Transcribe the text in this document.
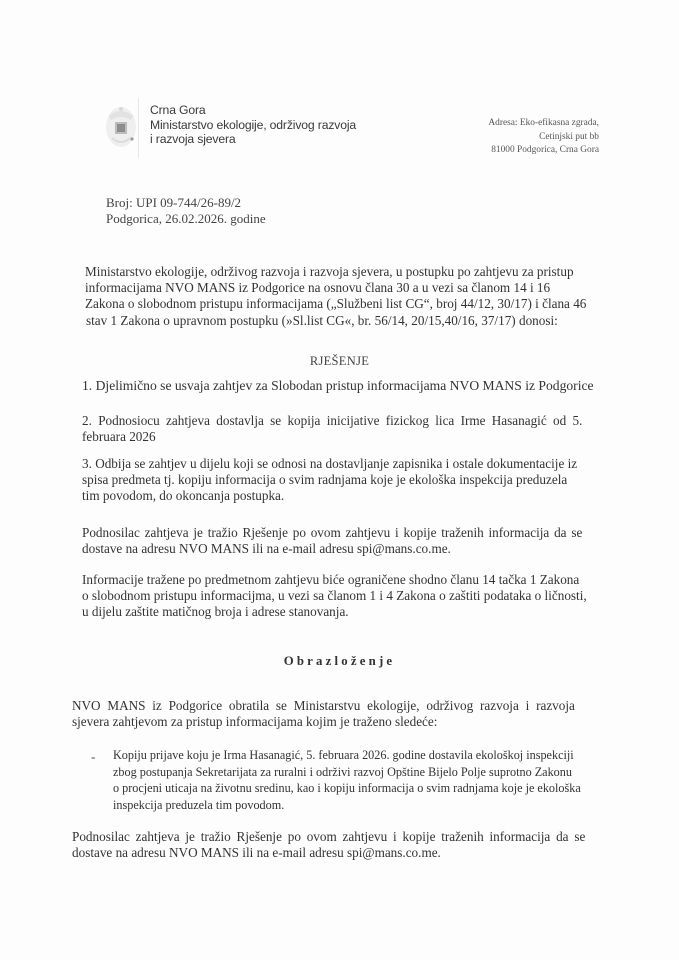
Crna Gora
Ministarstvo ekologije, održivog razvoja
i razvoja sjevera
Adresa: Eko-efikasna zgrada,
Cetinjski put bb
81000 Podgorica, Crna Gora
Broj: UPI 09-744/26-89/2
Podgorica, 26.02.2026. godine
Ministarstvo ekologije, održivog razvoja i razvoja sjevera, u postupku po zahtjevu za pristup
informacijama NVO MANS iz Podgorice na osnovu člana 30 a u vezi sa članom 14 i 16
Zakona o slobodnom pristupu informacijama („Službeni list CG“, broj 44/12, 30/17) i člana 46
stav 1 Zakona o upravnom postupku (»Sl.list CG«, br. 56/14, 20/15,40/16, 37/17) donosi:
RJEŠENJE
1. Djelimično se usvaja zahtjev za Slobodan pristup informacijama NVO MANS iz Podgorice
2. Podnosiocu zahtjeva dostavlja se kopija inicijative fizickog lica Irme Hasanagić od 5.
februara 2026
3. Odbija se zahtjev u dijelu koji se odnosi na dostavljanje zapisnika i ostale dokumentacije iz
spisa predmeta tj. kopiju informacija o svim radnjama koje je ekološka inspekcija preduzela
tim povodom, do okoncanja postupka.
Podnosilac zahtjeva je tražio Rješenje po ovom zahtjevu i kopije traženih informacija da se
dostave na adresu NVO MANS ili na e-mail adresu spi@mans.co.me.
Informacije tražene po predmetnom zahtjevu biće ograničene shodno članu 14 tačka 1 Zakona
o slobodnom pristupu informacijma, u vezi sa članom 1 i 4 Zakona o zaštiti podataka o ličnosti,
u dijelu zaštite matičnog broja i adrese stanovanja.
Obrazloženje
NVO MANS iz Podgorice obratila se Ministarstvu ekologije, održivog razvoja i razvoja
sjevera zahtjevom za pristup informacijama kojim je traženo sledeće:
- Kopiju prijave koju je Irma Hasanagić, 5. februara 2026. godine dostavila ekološkoj inspekciji
zbog postupanja Sekretarijata za ruralni i održivi razvoj Opštine Bijelo Polje suprotno Zakonu
o procjeni uticaja na životnu sredinu, kao i kopiju informacija o svim radnjama koje je ekološka
inspekcija preduzela tim povodom.
Podnosilac zahtjeva je tražio Rješenje po ovom zahtjevu i kopije traženih informacija da se
dostave na adresu NVO MANS ili na e-mail adresu spi@mans.co.me.
